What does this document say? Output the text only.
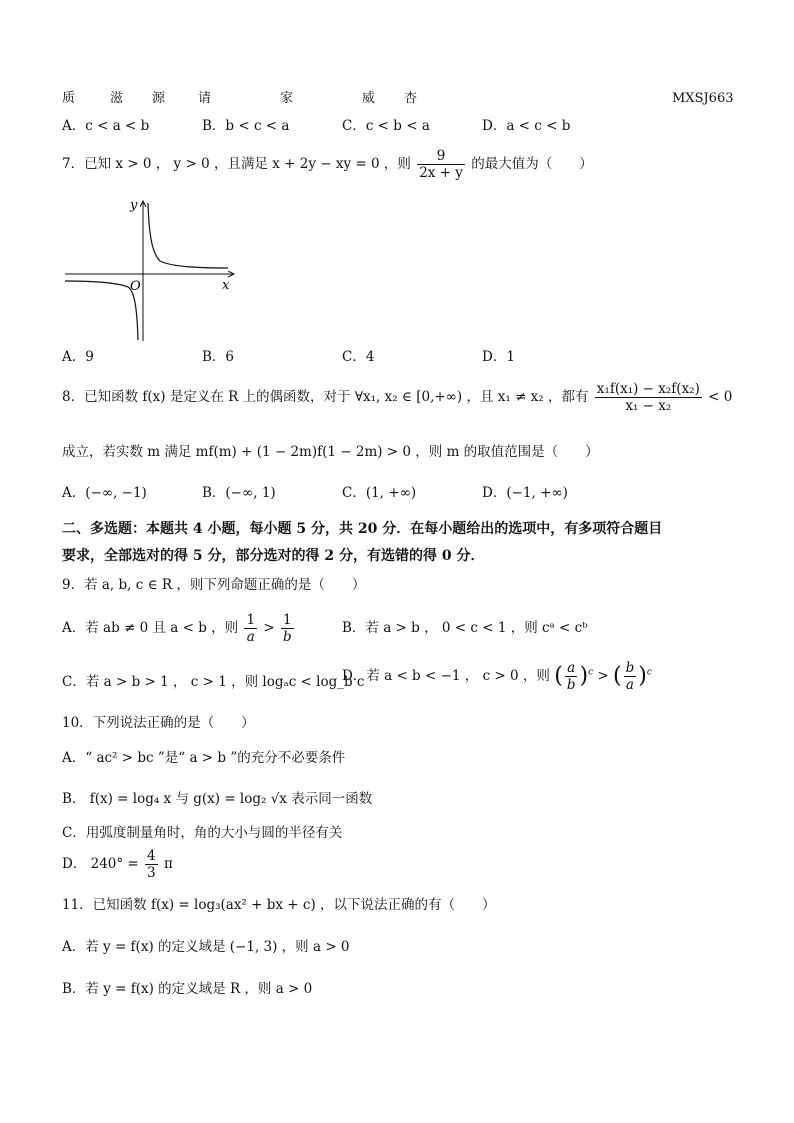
质	滋 源	请	家	威 杏	MXSJ663
A．c < a < b	B．b < c < a	C．c < b < a	D．a < c < b
7．已知 x > 0 ， y > 0 ，且满足 x + 2y − xy = 0 ，则 $\frac{9}{2x + y}$ 的最大值为（　　）
y
x
O
A．9	B．6	C．4	D．1
8．已知函数 f(x) 是定义在 R 上的偶函数，对于 ∀x₁, x₂ ∈ [0,+∞) ，且 x₁ ≠ x₂ ，都有 $\frac{\text{x₁f(x₁) − x₂f(x₂)}}{\text{x₁ − x₂}} < 0$
成立，若实数 m 满足 mf(m) + (1 − 2m)f(1 − 2m) > 0 ，则 m 的取值范围是（　　）
A．(−∞, −1)	B．(−∞, 1)	C．(1, +∞)	D．(−1, +∞)
二、多选题：本题共 4 小题，每小题 5 分，共 20 分．在每小题给出的选项中，有多项符合题目
要求，全部选对的得 5 分，部分选对的得 2 分，有选错的得 0 分．
9．若 a, b, c ∈ R ，则下列命题正确的是（　　）
A．若 ab ≠ 0 且 a < b ，则 $\frac{1}{a} > \frac{1}{b}$	B．若 a > b ， 0 < c < 1 ，则 cᵃ < cᵇ
C．若 a > b > 1 ， c > 1 ，则 logₐc < log_b c
D．若 a < b < −1 ， c > 0 ，则 ( $\frac{a}{b} )^c$ > ( $\frac{b}{a} )^c$
10．下列说法正确的是（　　）
A．“ ac² > bc ”是“ a > b ”的充分不必要条件
B． f(x) = log₄ x 与 g(x) = log₂ √x 表示同一函数
C．用弧度制量角时，角的大小与圆的半径有关
D． $240^\circ = \frac{4}{3}$ π
11．已知函数 f(x) = log₃(ax² + bx + c) ，以下说法正确的有（　　）
A．若 y = f(x) 的定义域是 (−1, 3) ，则 a > 0
B．若 y = f(x) 的定义域是 R ，则 a > 0
